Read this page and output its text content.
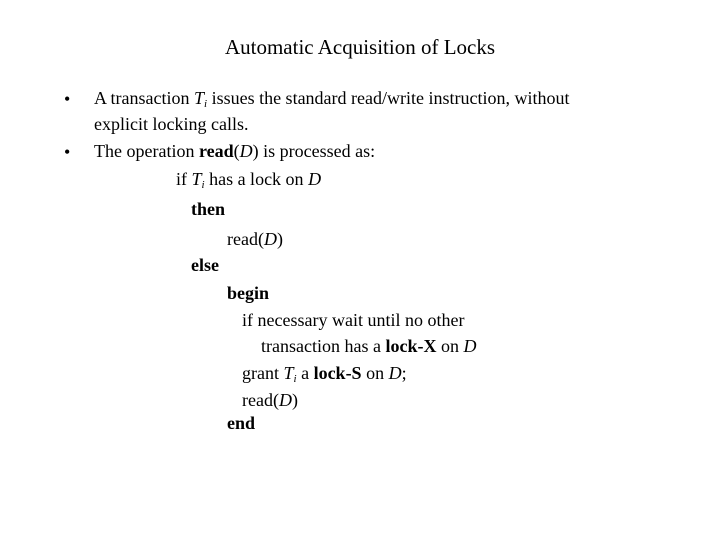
Automatic Acquisition of Locks
• A transaction $T_i$ issues the standard read/write instruction, without
explicit locking calls.
• The operation read(D) is processed as:
if $T_i$ has a lock on D
then
read(D)
else
begin
if necessary wait until no other
transaction has a lock-X on D
grant $T_i$ a lock-S on D;
read(D)
end
